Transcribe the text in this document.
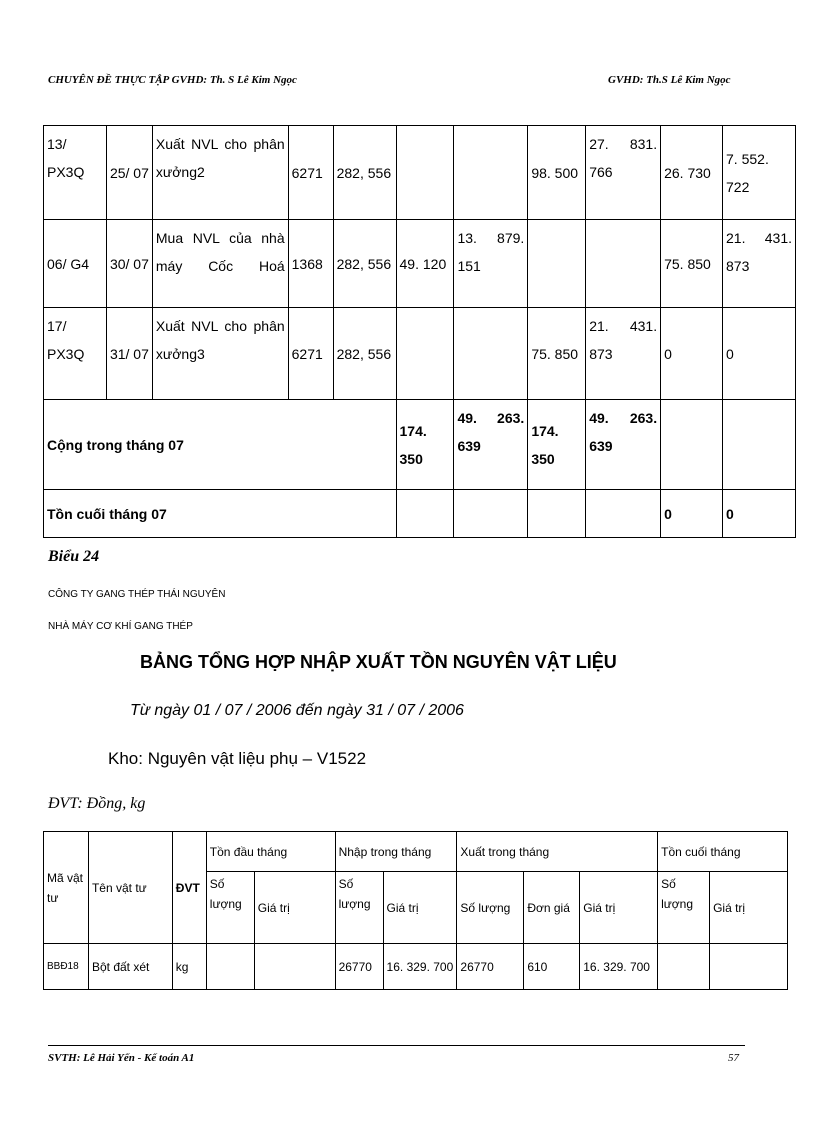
CHUYÊN ĐỀ THỰC TẬP GVHD: Th. S Lê Kim Ngọc	GVHD: Th.S Lê Kim Ngọc
13/ PX3Q	25/ 07	Xuất NVL cho phân xưởng2	6271	282, 556			98. 500	27. 831. 766	26. 730	7. 552. 722
06/ G4	30/ 07	Mua NVL của nhà máy Cốc Hoá	1368	282, 556	49. 120	13. 879. 151			75. 850	21. 431. 873
17/ PX3Q	31/ 07	Xuất NVL cho phân xưởng3	6271	282, 556			75. 850	21. 431. 873	0	0
Cộng trong tháng 07					174. 350	49. 263. 639	174. 350	49. 263. 639		
Tồn cuối tháng 07									0	0
Biểu 24
CÔNG TY GANG THÉP THÁI NGUYÊN
NHÀ MÁY CƠ KHÍ GANG THÉP
BẢNG TỔNG HỢP NHẬP XUẤT TỒN NGUYÊN VẬT LIỆU
Từ ngày 01 / 07 / 2006 đến ngày 31 / 07 / 2006
Kho: Nguyên vật liệu phụ – V1522
ĐVT: Đồng, kg
Mã vật tư	Tên vật tư	ĐVT	Tồn đầu tháng		Nhập trong tháng		Xuất trong tháng			Tồn cuối tháng	
			Số lượng	Giá trị	Số lượng	Giá trị	Số lượng	Đơn giá	Giá trị	Số lượng	Giá trị
BBĐ18	Bột đất xét	kg			26770	16. 329. 700	26770	610	16. 329. 700		
SVTH: Lê Hải Yến - Kế toán A1	57
